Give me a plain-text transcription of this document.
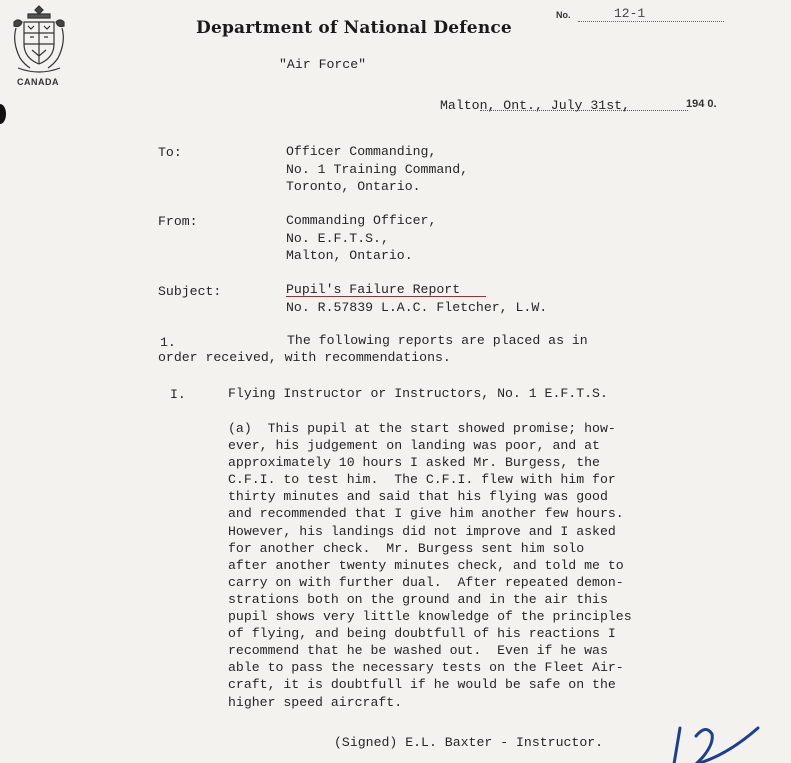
CANADA
Department of National Defence
No.	12-1
"Air Force"
Malton, Ont., July 31st,	194 0.
To:	Officer Commanding,
No. 1 Training Command,
Toronto, Ontario.
From:	Commanding Officer,
No. E.F.T.S.,
Malton, Ontario.
Subject:	Pupil's Failure Report
No. R.57839 L.A.C. Fletcher, L.W.
1.	The following reports are placed as in
order received, with recommendations.
I.	Flying Instructor or Instructors, No. 1 E.F.T.S.
(a)  This pupil at the start showed promise; how-
ever, his judgement on landing was poor, and at
approximately 10 hours I asked Mr. Burgess, the
C.F.I. to test him.  The C.F.I. flew with him for
thirty minutes and said that his flying was good
and recommended that I give him another few hours.
However, his landings did not improve and I asked
for another check.  Mr. Burgess sent him solo
after another twenty minutes check, and told me to
carry on with further dual.  After repeated demon-
strations both on the ground and in the air this
pupil shows very little knowledge of the principles
of flying, and being doubtfull of his reactions I
recommend that he be washed out.  Even if he was
able to pass the necessary tests on the Fleet Air-
craft, it is doubtfull if he would be safe on the
higher speed aircraft.
(Signed) E.L. Baxter - Instructor.
